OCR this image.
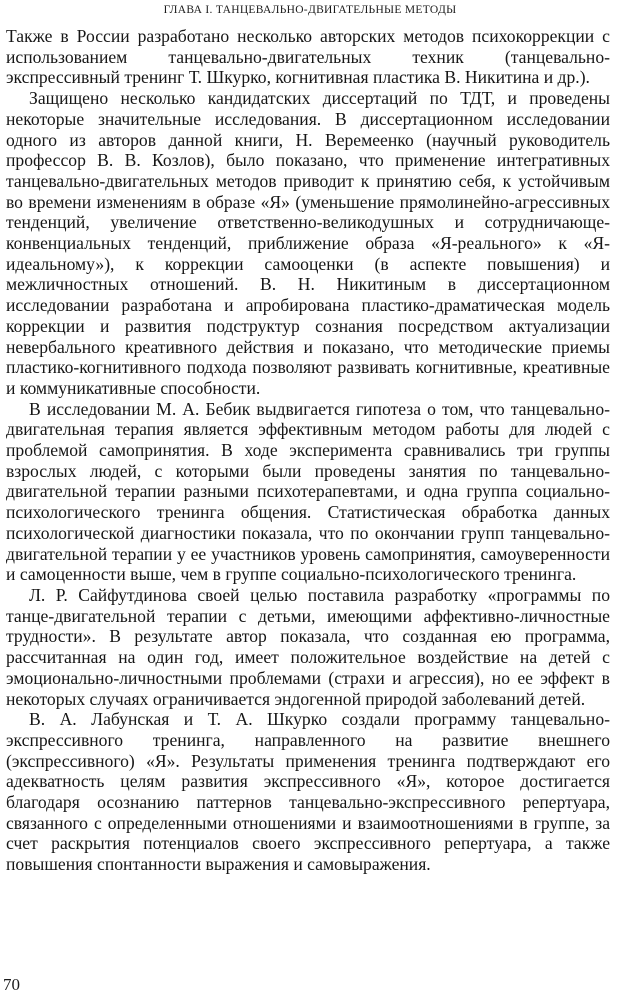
ГЛАВА I. ТАНЦЕВАЛЬНО-ДВИГАТЕЛЬНЫЕ МЕТОДЫ

Также в России разработано несколько авторских методов психокоррекции с использованием танцевально-двигательных техник (танцевально-экспрессивный тренинг Т. Шкурко, когнитивная пластика В. Никитина и др.).

Защищено несколько кандидатских диссертаций по ТДТ, и проведены некоторые значительные исследования. В диссертационном исследовании одного из авторов данной книги, Н. Веремеенко (научный руководитель профессор В. В. Козлов), было показано, что применение интегративных танцевально-двигательных методов приводит к принятию себя, к устойчивым во времени изменениям в образе «Я» (уменьшение прямолинейно-агрессивных тенденций, увеличение ответственно-великодушных и сотрудничающе-конвенциальных тенденций, приближение образа «Я-реального» к «Я-идеальному»), к коррекции самооценки (в аспекте повышения) и межличностных отношений. В. Н. Никитиным в диссертационном исследовании разработана и апробирована пластико-драматическая модель коррекции и развития подструктур сознания посредством актуализации невербального креативного действия и показано, что методические приемы пластико-когнитивного подхода позволяют развивать когнитивные, креативные и коммуникативные способности.

В исследовании М. А. Бебик выдвигается гипотеза о том, что танцевально-двигательная терапия является эффективным методом работы для людей с проблемой самопринятия. В ходе эксперимента сравнивались три группы взрослых людей, с которыми были проведены занятия по танцевально-двигательной терапии разными психотерапевтами, и одна группа социально-психологического тренинга общения. Статистическая обработка данных психологической диагностики показала, что по окончании групп танцевально-двигательной терапии у ее участников уровень самопринятия, самоуверенности и самоценности выше, чем в группе социально-психологического тренинга.

Л. Р. Сайфутдинова своей целью поставила разработку «программы по танце-двигательной терапии с детьми, имеющими аффективно-личностные трудности». В результате автор показала, что созданная ею программа, рассчитанная на один год, имеет положительное воздействие на детей с эмоционально-личностными проблемами (страхи и агрессия), но ее эффект в некоторых случаях ограничивается эндогенной природой заболеваний детей.

В. А. Лабунская и Т. А. Шкурко создали программу танцевально-экспрессивного тренинга, направленного на развитие внешнего (экспрессивного) «Я». Результаты применения тренинга подтверждают его адекватность целям развития экспрессивного «Я», которое достигается благодаря осознанию паттернов танцевально-экспрессивного репертуара, связанного с определенными отношениями и взаимоотношениями в группе, за счет раскрытия потенциалов своего экспрессивного репертуара, а также повышения спонтанности выражения и самовыражения.

70
